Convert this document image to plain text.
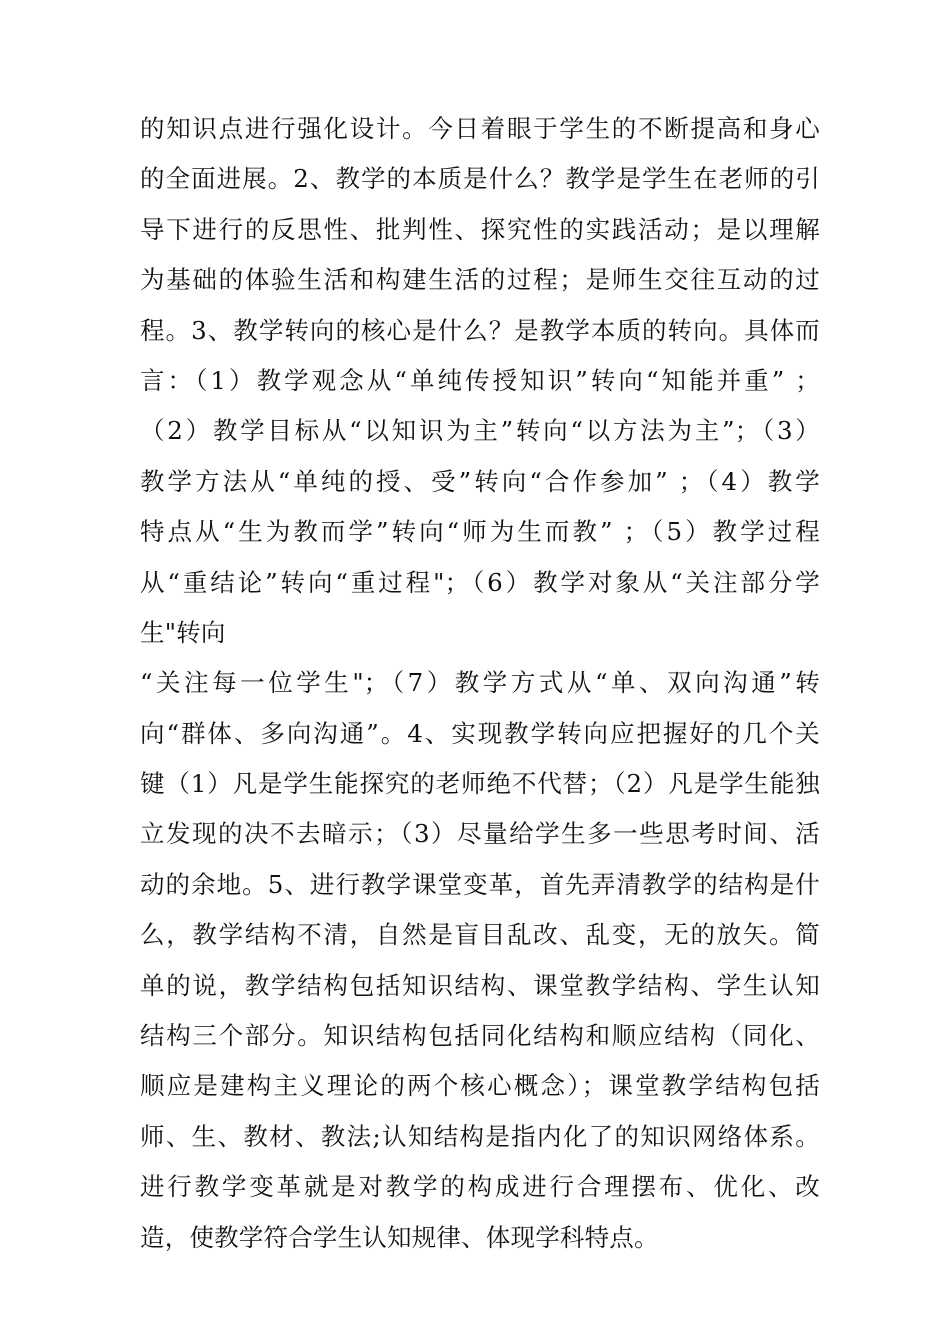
的知识点进行强化设计。今日着眼于学生的不断提高和身心
的全面进展。2、教学的本质是什么？教学是学生在老师的引
导下进行的反思性、批判性、探究性的实践活动；是以理解
为基础的体验生活和构建生活的过程；是师生交往互动的过
程。3、教学转向的核心是什么？是教学本质的转向。具体而
言：（1）教学观念从“单纯传授知识”转向“知能并重” ；
（2）教学目标从“以知识为主”转向“以方法为主”；（3）
教学方法从“单纯的授、受”转向“合作参加” ；（4）教学
特点从“生为教而学”转向“师为生而教” ；（5）教学过程
从“重结论”转向“重过程"；（6）教学对象从“关注部分学
生"转向
“关注每一位学生"；（7）教学方式从“单、双向沟通”转
向“群体、多向沟通”。4、实现教学转向应把握好的几个关
键（1）凡是学生能探究的老师绝不代替；（2）凡是学生能独
立发现的决不去暗示；（3）尽量给学生多一些思考时间、活
动的余地。5、进行教学课堂变革，首先弄清教学的结构是什
么，教学结构不清，自然是盲目乱改、乱变，无的放矢。简
单的说，教学结构包括知识结构、课堂教学结构、学生认知
结构三个部分。知识结构包括同化结构和顺应结构（同化、
顺应是建构主义理论的两个核心概念）；课堂教学结构包括
师、生、教材、教法;认知结构是指内化了的知识网络体系。
进行教学变革就是对教学的构成进行合理摆布、优化、改
造，使教学符合学生认知规律、体现学科特点。
